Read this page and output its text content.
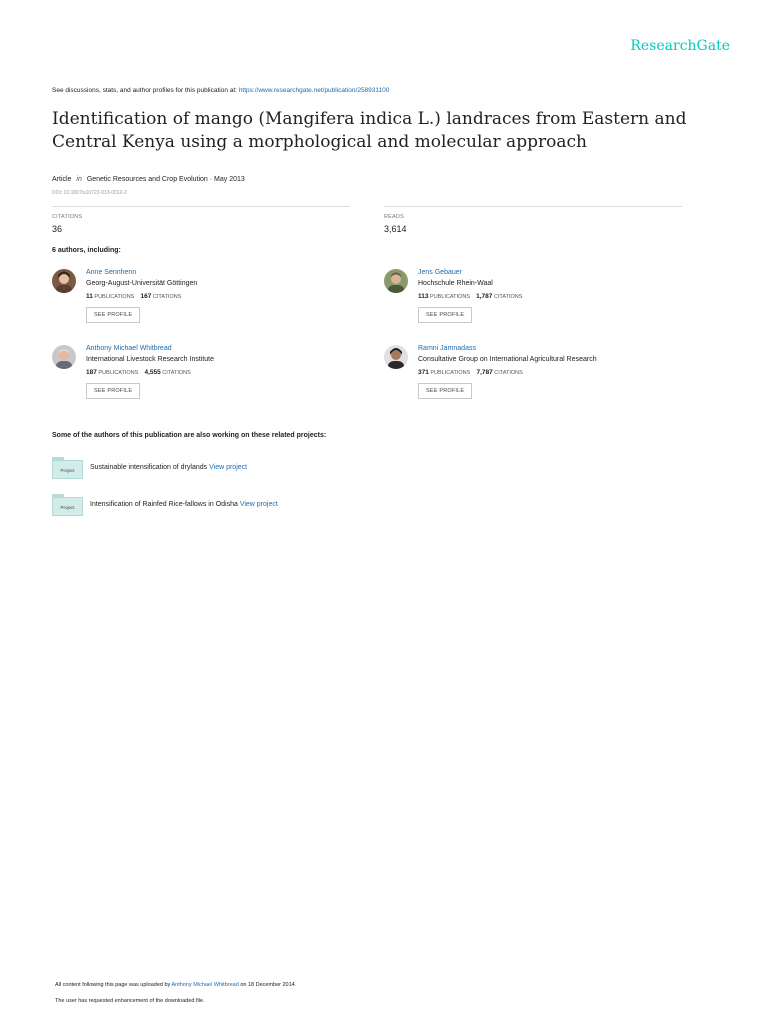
ResearchGate
See discussions, stats, and author profiles for this publication at: https://www.researchgate.net/publication/258931100
Identification of mango (Mangifera indica L.) landraces from Eastern and
Central Kenya using a morphological and molecular approach
Article in Genetic Resources and Crop Evolution · May 2013
DOI: 10.1007/s10722-013-0012-2
CITATIONS
36
READS
3,614
6 authors, including:
Anne Sennhenn
Georg-August-Universität Göttingen
11 PUBLICATIONS 167 CITATIONS
SEE PROFILE
Jens Gebauer
Hochschule Rhein-Waal
113 PUBLICATIONS 1,787 CITATIONS
SEE PROFILE
Anthony Michael Whitbread
International Livestock Research Institute
187 PUBLICATIONS 4,555 CITATIONS
SEE PROFILE
Ramni Jamnadass
Consultative Group on International Agricultural Research
371 PUBLICATIONS 7,787 CITATIONS
SEE PROFILE
Some of the authors of this publication are also working on these related projects:
Project	Sustainable intensification of drylands View project
Project	Intensification of Rainfed Rice-fallows in Odisha View project
All content following this page was uploaded by Anthony Michael Whitbread on 18 December 2014.
The user has requested enhancement of the downloaded file.
